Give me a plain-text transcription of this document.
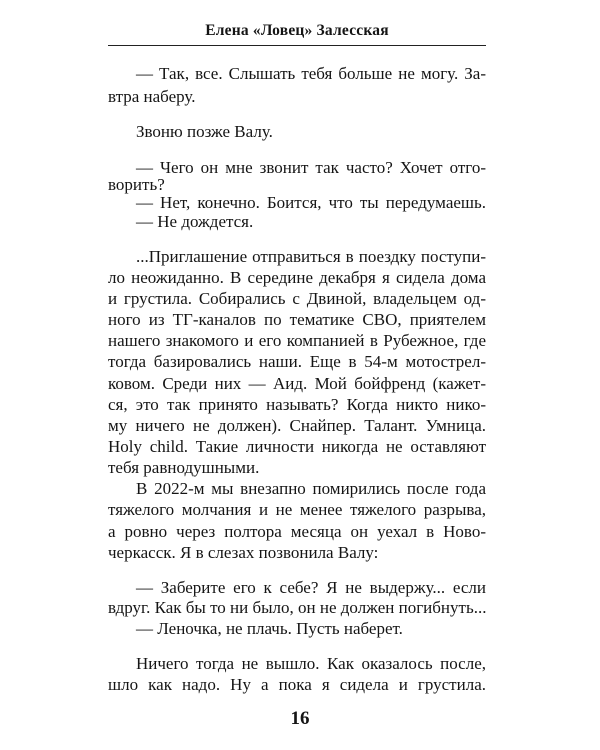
Елена «Ловец» Залесская
— Так, все. Слышать тебя больше не могу. За-
втра наберу.
Звоню позже Валу.
— Чего он мне звонит так часто? Хочет отго-
ворить?
— Нет, конечно. Боится, что ты передумаешь.
— Не дождется.
...Приглашение отправиться в поездку поступи-
ло неожиданно. В середине декабря я сидела дома
и грустила. Собирались с Двиной, владельцем од-
ного из ТГ-каналов по тематике СВО, приятелем
нашего знакомого и его компанией в Рубежное, где
тогда базировались наши. Еще в 54-м мотострел-
ковом. Среди них — Аид. Мой бойфренд (кажет-
ся, это так принято называть? Когда никто нико-
му ничего не должен). Снайпер. Талант. Умница.
Holy child. Такие личности никогда не оставляют
тебя равнодушными.
В 2022-м мы внезапно помирились после года
тяжелого молчания и не менее тяжелого разрыва,
а ровно через полтора месяца он уехал в Ново-
черкасск. Я в слезах позвонила Валу:
— Заберите его к себе? Я не выдержу... если
вдруг. Как бы то ни было, он не должен погибнуть...
— Леночка, не плачь. Пусть наберет.
Ничего тогда не вышло. Как оказалось после,
шло как надо. Ну а пока я сидела и грустила.
16
